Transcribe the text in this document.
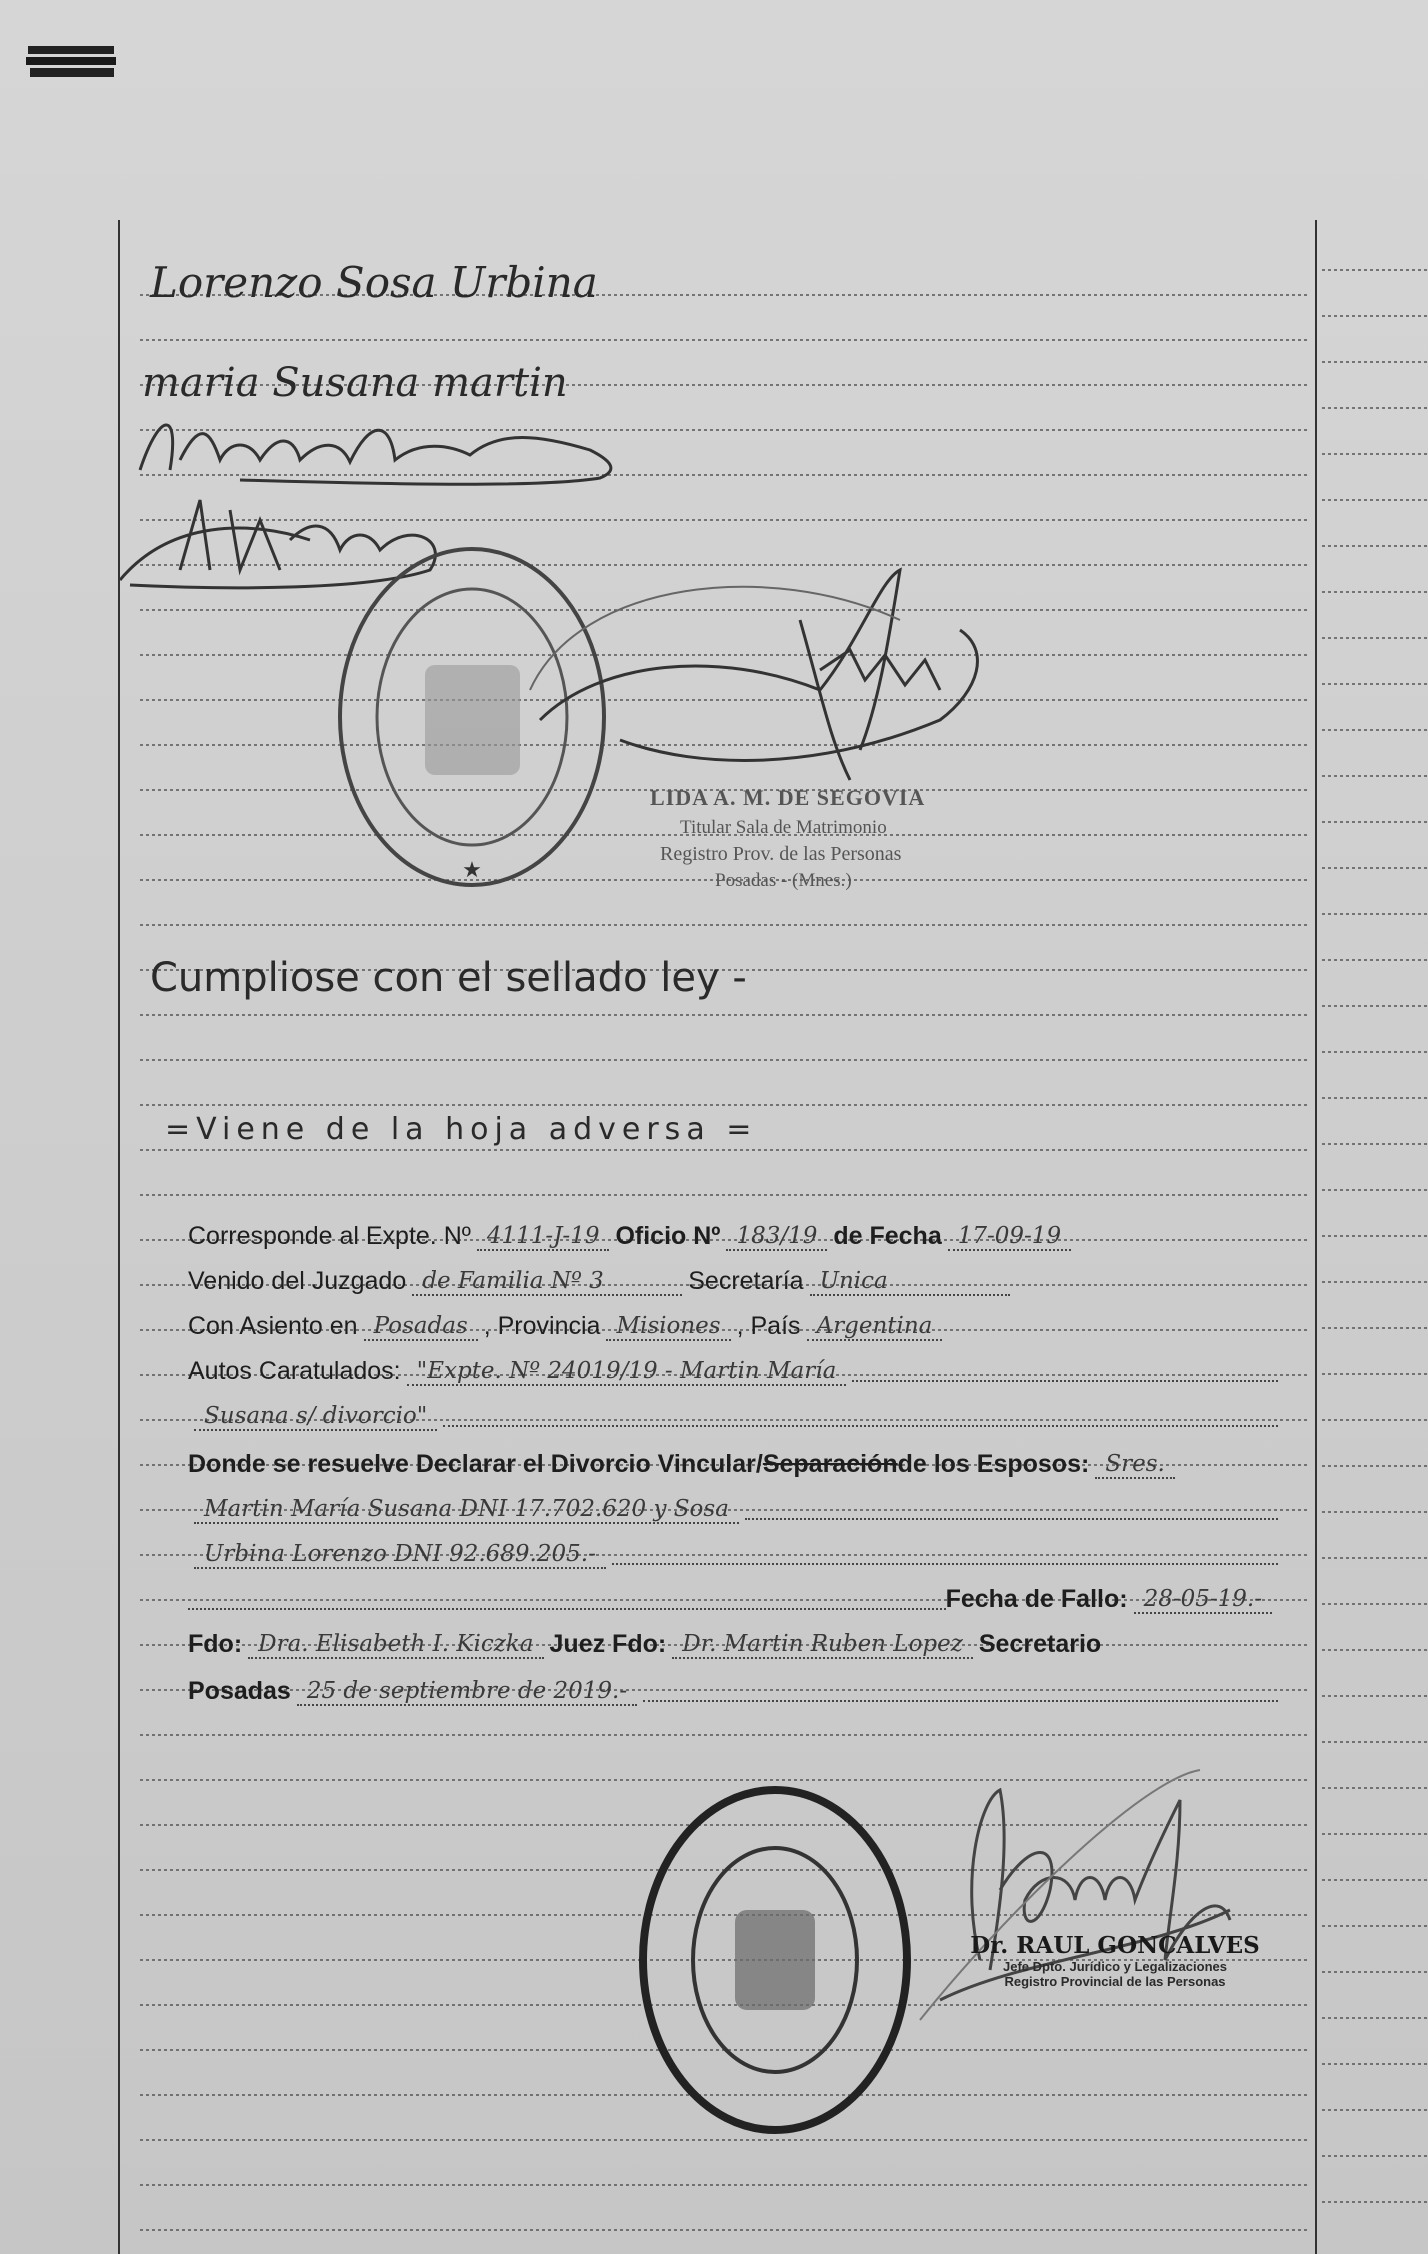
Lorenzo Sosa Urbina
maria Susana martin
★
LIDA A. M. DE SEGOVIA
Titular Sala de Matrimonio
Registro Prov. de las Personas
Posadas - (Mnes.)
Cumpliose con el sellado ley -
=Viene de la hoja adversa =
Corresponde al Expte. Nº 4111-J-19 Oficio Nº 183/19 de Fecha 17-09-19
Venido del Juzgado de Familia Nº 3	Secretaría Unica
Con Asiento en Posadas , Provincia Misiones , País Argentina
Autos Caratulados: "Expte. Nº 24019/19 - Martin María
Susana s/ divorcio"
Donde se resuelve Declarar el Divorcio Vincular/ Separación de los Esposos: Sres.
Martin María Susana DNI 17.702.620 y Sosa
Urbina Lorenzo DNI 92.689.205.-
Fecha de Fallo: 28-05-19.-
Fdo: Dra. Elisabeth I. Kiczka Juez Fdo: Dr. Martin Ruben Lopez Secretario
Posadas 25 de septiembre de 2019.-
Dr. RAUL GONCALVES
Jefe Dpto. Jurídico y Legalizaciones
Registro Provincial de las Personas
